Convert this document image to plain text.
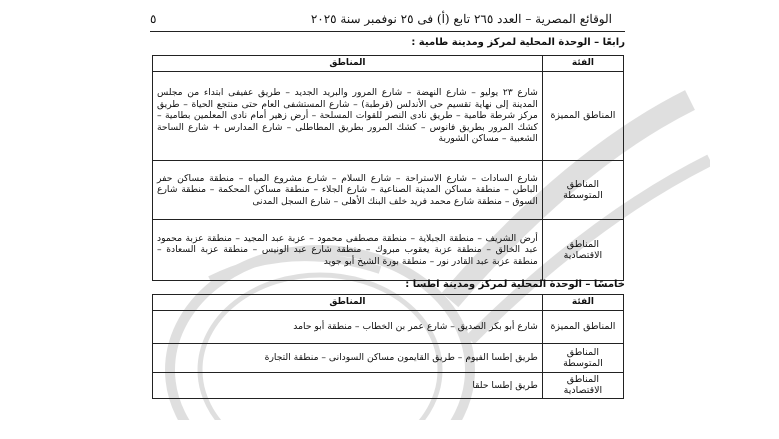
الوقائع المصرية – العدد ٢٦٥ تابع (أ) فى ٢٥ نوفمبر سنة ٢٠٢٥
٥
رابعًا – الوحدة المحلية لمركز ومدينة طامية :
الفئة	المناطق
المناطق المميزة	شارع ٢٣ يوليو – شارع النهضة – شارع المرور والبريد الجديد – طريق عفيفى ابتداء من مجلس المدينة إلى نهاية تقسيم حى الأندلس (قرطبة) – شارع المستشفى العام حتى منتجع الحياة – طريق مركز شرطة طامية – طريق نادى النصر للقوات المسلحة – أرض زهير أمام نادى المعلمين بطامية – كشك المرور بطريق فانوس – كشك المرور بطريق المطاطلى – شارع المدارس + شارع الساحة الشعبية – مساكن الشوربة
المناطق المتوسطة	شارع السادات – شارع الاستراحة – شارع السلام – شارع مشروع المياه – منطقة مساكن حفر الباطن – منطقة مساكن المدينة الصناعية – شارع الجلاء – منطقة مساكن المحكمة – منطقة شارع السوق – منطقة شارع محمد فريد خلف البنك الأهلى – شارع السجل المدنى
المناطق الاقتصادية	أرض الشريف – منطقة الجبلاية – منطقة مصطفى محمود – عزبة عبد المجيد – منطقة عزبة محمود عبد الخالق – منطقة عزبة يعقوب مبروك – منطقة شارع عبد الونيس – منطقة عزبة السعادة – منطقة عزبة عبد القادر نور – منطقة بورة الشيخ أبو جويد
خامسًا – الوحدة المحلية لمركز ومدينة اطسا :
الفئة	المناطق
المناطق المميزة	شارع أبو بكر الصديق – شارع عمر بن الخطاب – منطقة أبو حامد
المناطق المتوسطة	طريق إطسا الفيوم – طريق القايمون مساكن السودانى – منطقة التجارة
المناطق الاقتصادية	طريق إطسا حلقا
